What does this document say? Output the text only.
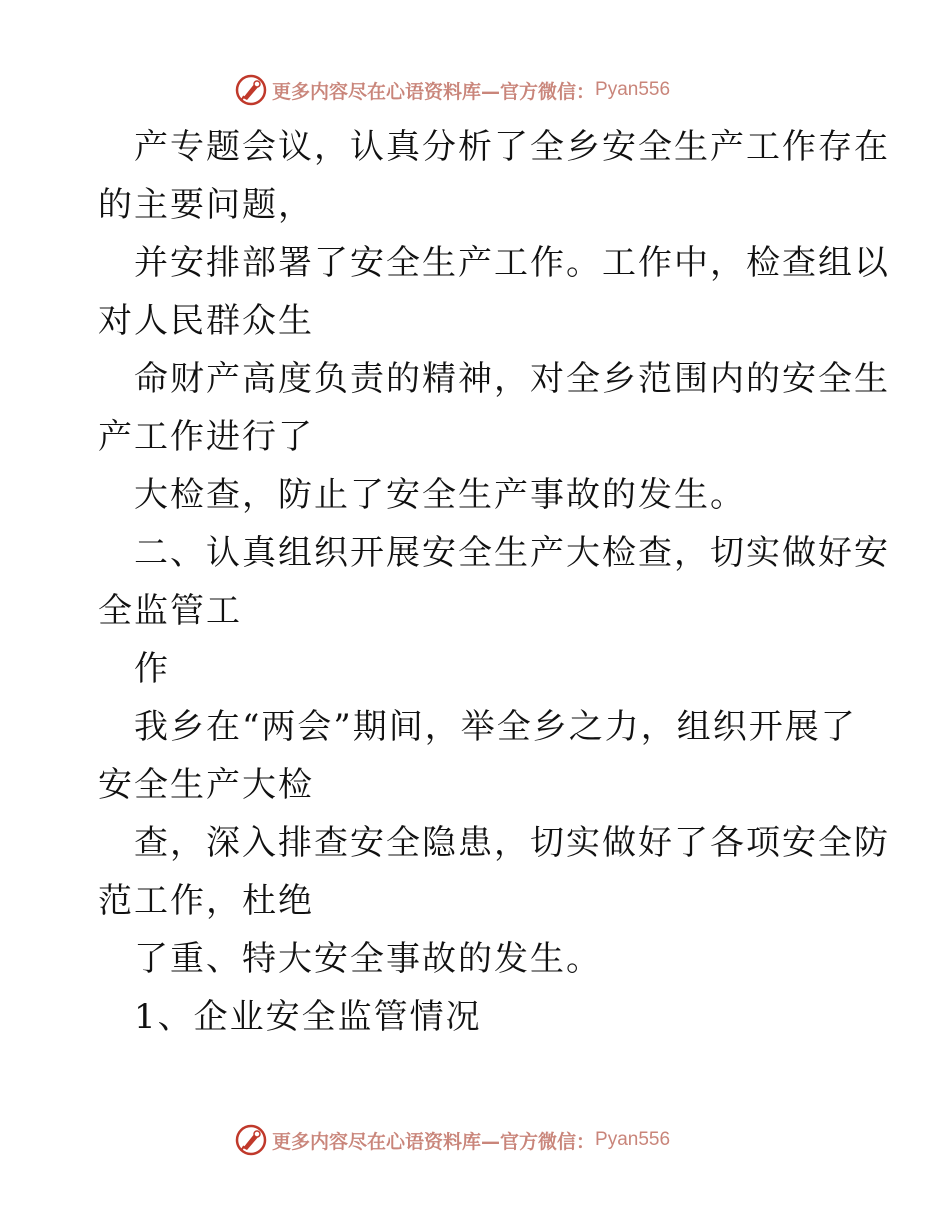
更多内容尽在心语资料库—官方微信： Pyan556
产专题会议，认真分析了全乡安全生产工作存在
的主要问题，
并安排部署了安全生产工作。工作中，检查组以
对人民群众生
命财产高度负责的精神，对全乡范围内的安全生
产工作进行了
大检查，防止了安全生产事故的发生。
二、认真组织开展安全生产大检查，切实做好安
全监管工
作
我乡在“两会”期间，举全乡之力，组织开展了
安全生产大检
查，深入排查安全隐患，切实做好了各项安全防
范工作，杜绝
了重、特大安全事故的发生。
1、企业安全监管情况
更多内容尽在心语资料库—官方微信： Pyan556
